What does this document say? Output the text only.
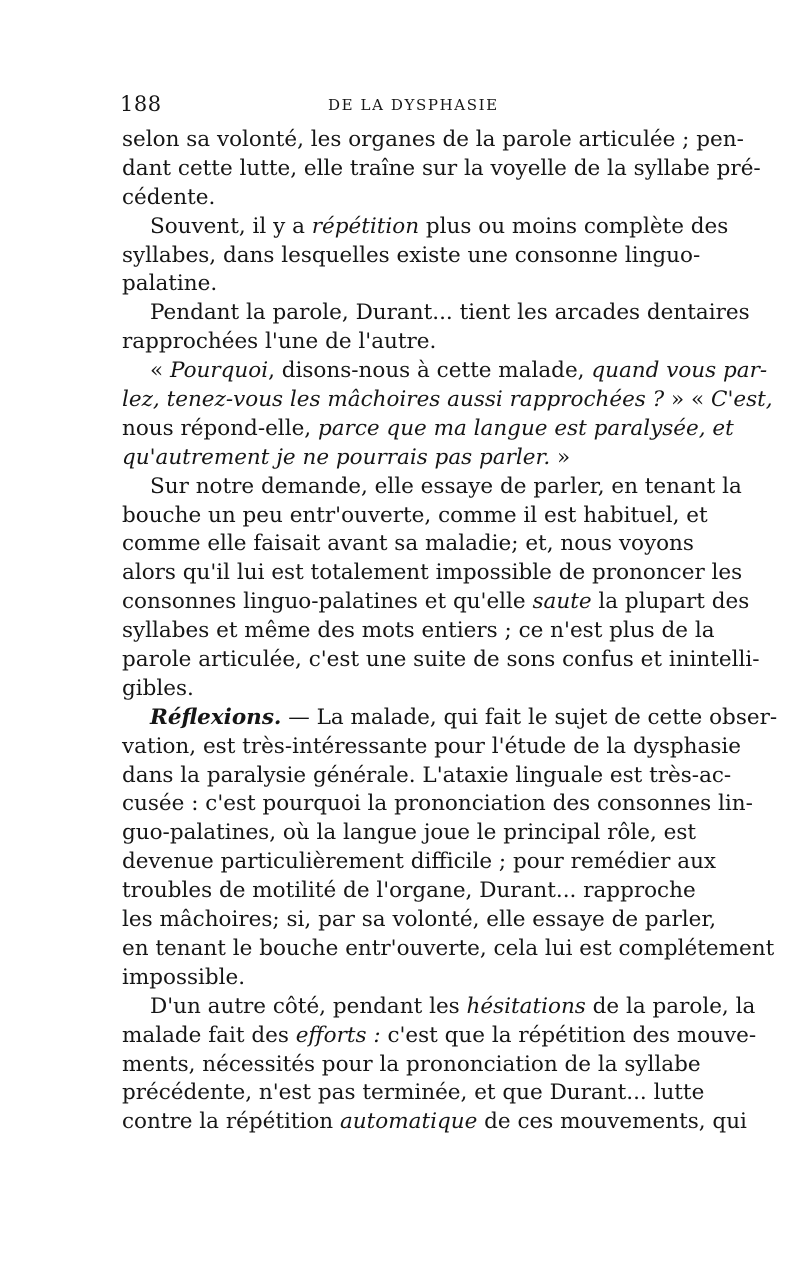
188	DE LA DYSPHASIE
selon sa volonté, les organes de la parole articulée ; pen-
dant cette lutte, elle traîne sur la voyelle de la syllabe pré-
cédente.
Souvent, il y a répétition plus ou moins complète des
syllabes, dans lesquelles existe une consonne linguo-
palatine.
Pendant la parole, Durant... tient les arcades dentaires
rapprochées l'une de l'autre.
« Pourquoi, disons-nous à cette malade, quand vous par-
lez, tenez-vous les mâchoires aussi rapprochées ? » « C'est,
nous répond-elle, parce que ma langue est paralysée, et
qu'autrement je ne pourrais pas parler. »
Sur notre demande, elle essaye de parler, en tenant la
bouche un peu entr'ouverte, comme il est habituel, et
comme elle faisait avant sa maladie; et, nous voyons
alors qu'il lui est totalement impossible de prononcer les
consonnes linguo-palatines et qu'elle saute la plupart des
syllabes et même des mots entiers ; ce n'est plus de la
parole articulée, c'est une suite de sons confus et inintelli-
gibles.
Réflexions. — La malade, qui fait le sujet de cette obser-
vation, est très-intéressante pour l'étude de la dysphasie
dans la paralysie générale. L'ataxie linguale est très-ac-
cusée : c'est pourquoi la prononciation des consonnes lin-
guo-palatines, où la langue joue le principal rôle, est
devenue particulièrement difficile ; pour remédier aux
troubles de motilité de l'organe, Durant... rapproche
les mâchoires; si, par sa volonté, elle essaye de parler,
en tenant le bouche entr'ouverte, cela lui est complétement
impossible.
D'un autre côté, pendant les hésitations de la parole, la
malade fait des efforts : c'est que la répétition des mouve-
ments, nécessités pour la prononciation de la syllabe
précédente, n'est pas terminée, et que Durant... lutte
contre la répétition automatique de ces mouvements, qui
